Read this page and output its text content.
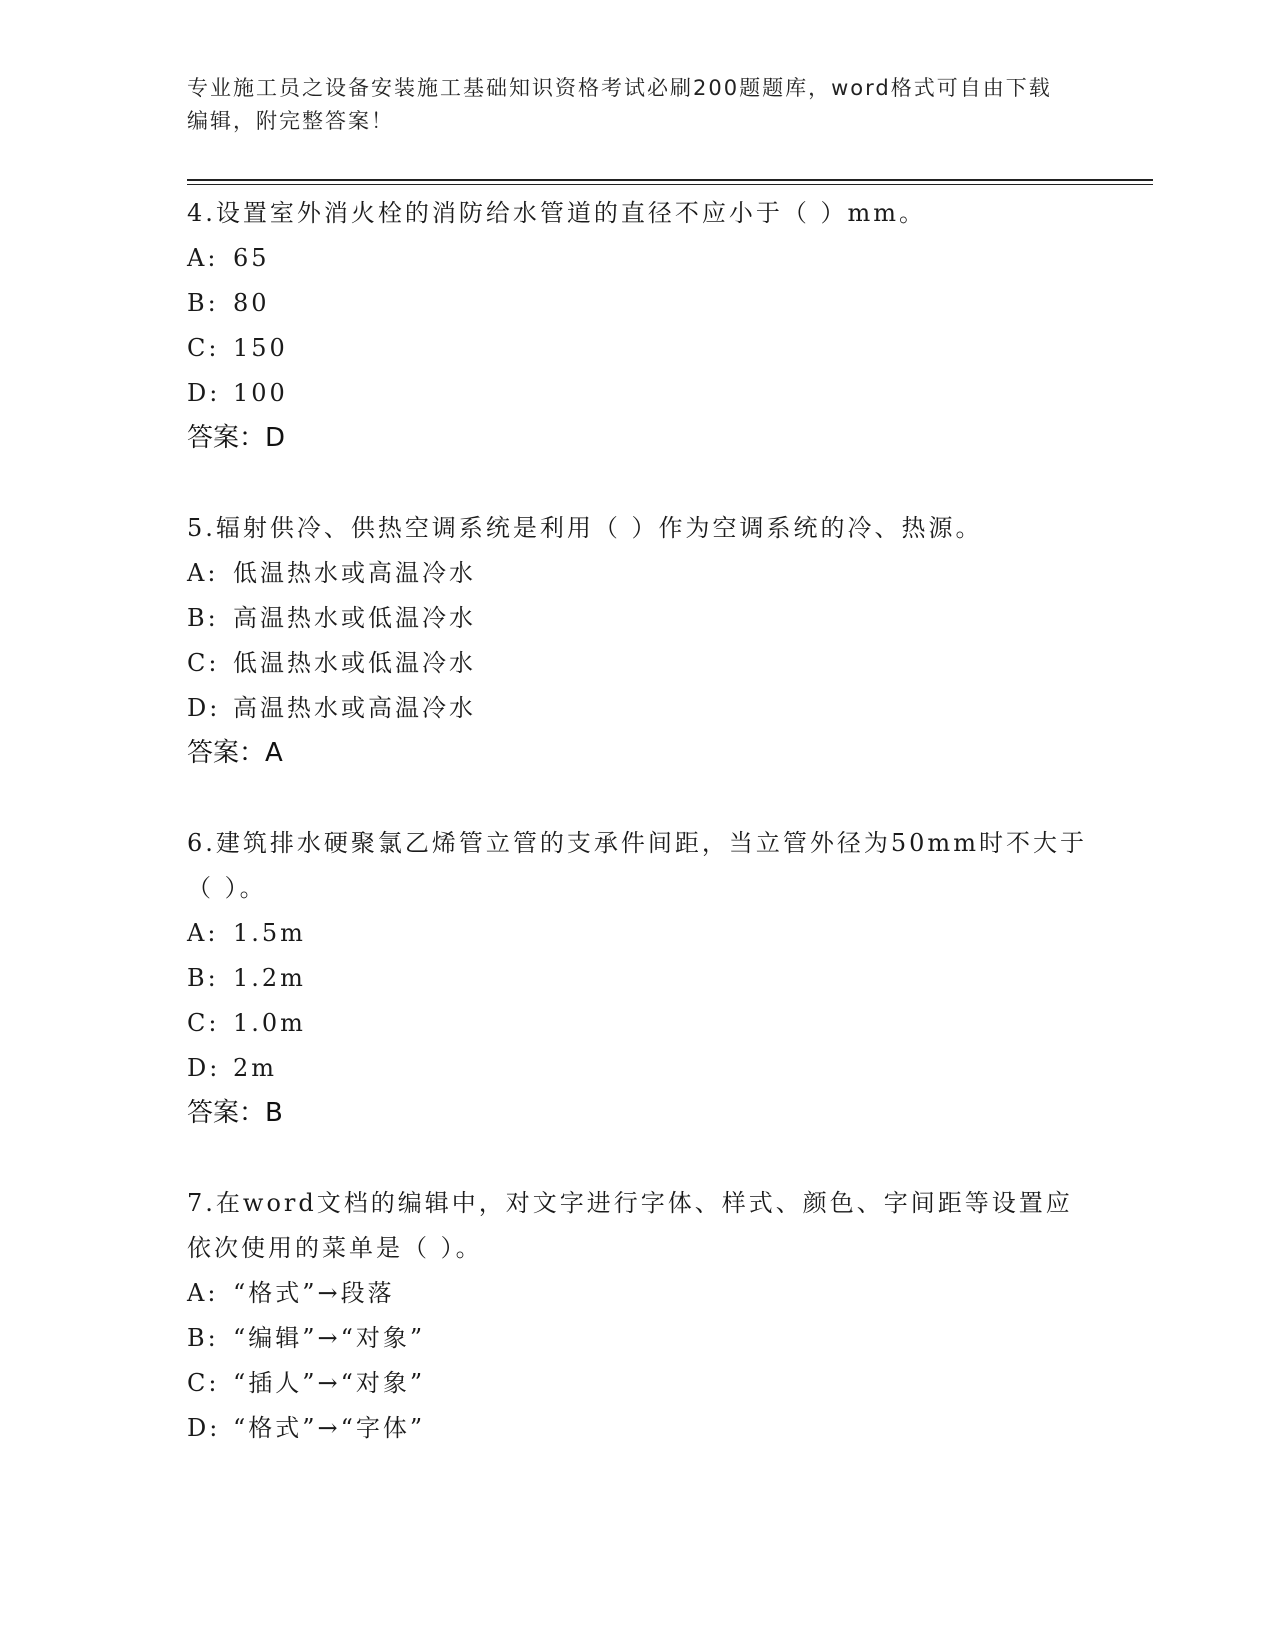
专业施工员之设备安装施工基础知识资格考试必刷200题题库，word格式可自由下载编辑，附完整答案！
4.设置室外消火栓的消防给水管道的直径不应小于（ ）mm。
A: 65
B: 80
C: 150
D: 100
答案：D
5.辐射供冷、供热空调系统是利用（ ）作为空调系统的冷、热源。
A: 低温热水或高温冷水
B: 高温热水或低温冷水
C: 低温热水或低温冷水
D: 高温热水或高温冷水
答案：A
6.建筑排水硬聚氯乙烯管立管的支承件间距，当立管外径为50mm时不大于（ ）。
A: 1.5m
B: 1.2m
C: 1.0m
D: 2m
答案：B
7.在word文档的编辑中，对文字进行字体、样式、颜色、字间距等设置应依次使用的菜单是（ ）。
A: “格式”→段落
B: “编辑”→“对象”
C: “插人”→“对象”
D: “格式”→“字体”
